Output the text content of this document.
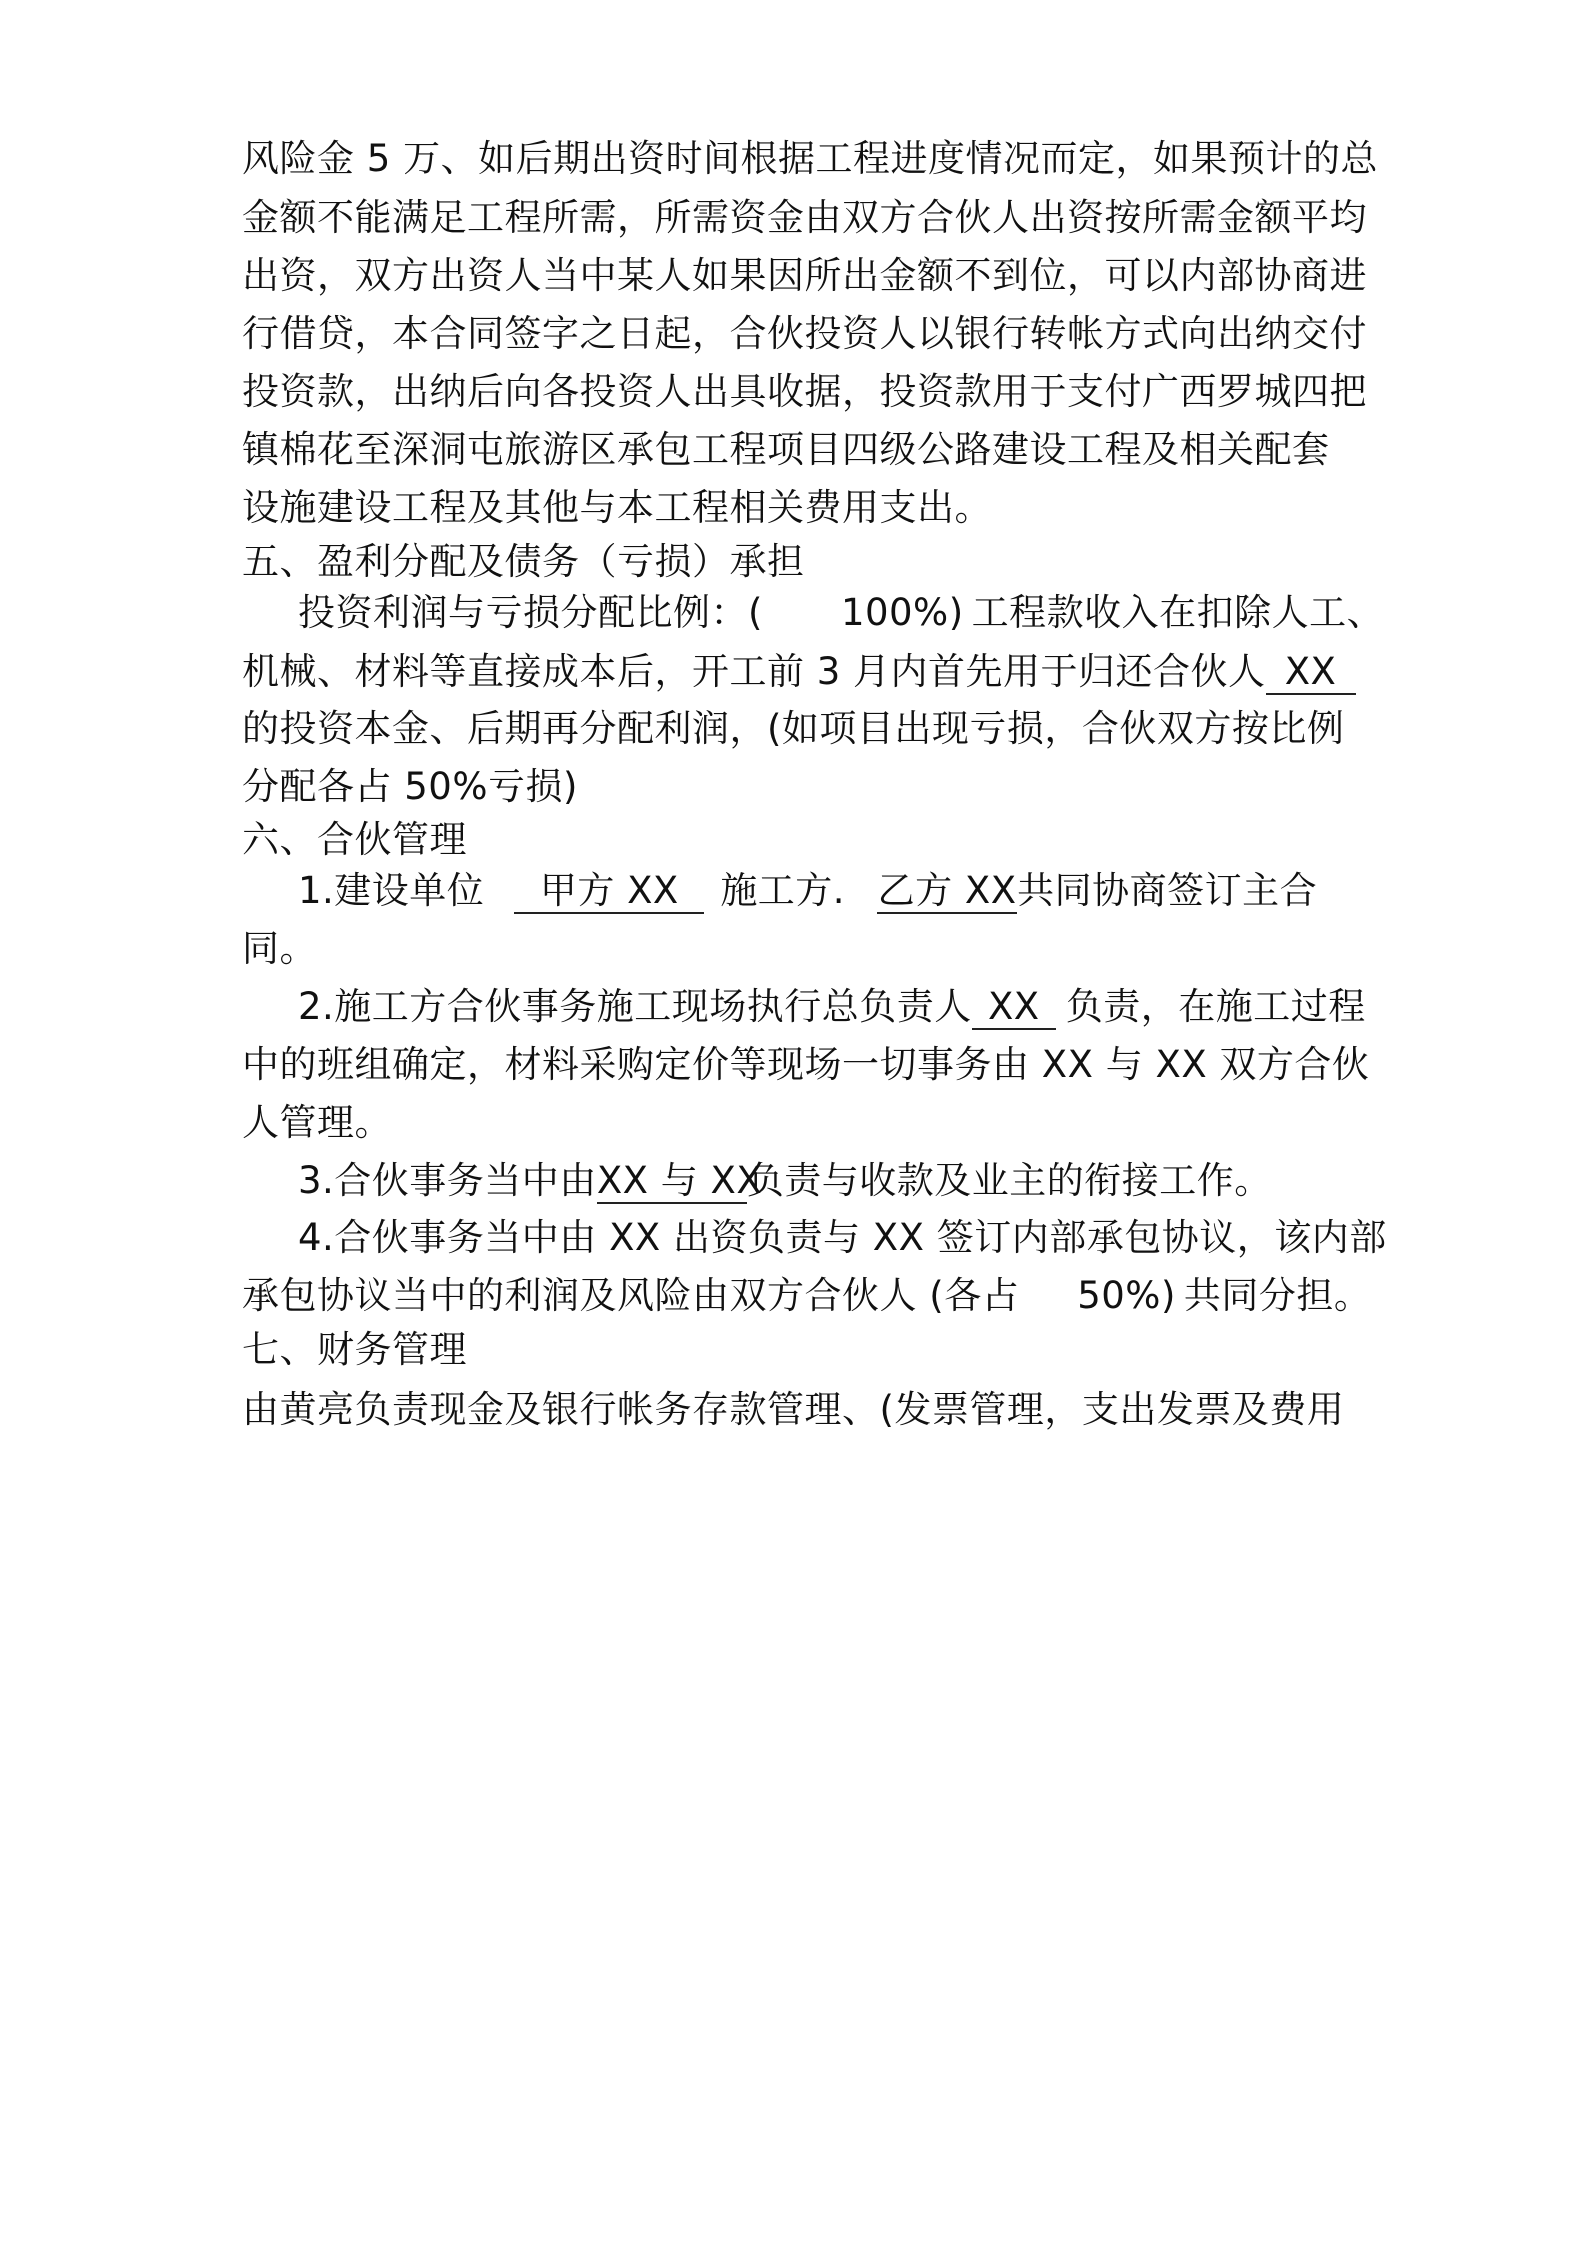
风险金 5 万、如后期出资时间根据工程进度情况而定，如果预计的总
金额不能满足工程所需，所需资金由双方合伙人出资按所需金额平均
出资，双方出资人当中某人如果因所出金额不到位，可以内部协商进
行借贷，本合同签字之日起，合伙投资人以银行转帐方式向出纳交付
投资款，出纳后向各投资人出具收据，投资款用于支付广西罗城四把
镇棉花至深洞屯旅游区承包工程项目四级公路建设工程及相关配套
设施建设工程及其他与本工程相关费用支出。
五、盈利分配及债务（亏损）承担
投资利润与亏损分配比例：( 100%) 工程款收入在扣除人工、
机械、材料等直接成本后，开工前 3 月内首先用于归还合伙人 XX
的投资本金、后期再分配利润，(如项目出现亏损，合伙双方按比例
分配各占 50%亏损)
六、合伙管理
1.建设单位 甲方 XX 施工方. 乙方 XX共同协商签订主合
同。
2.施工方合伙事务施工现场执行总负责人 XX 负责，在施工过程
中的班组确定，材料采购定价等现场一切事务由 XX 与 XX 双方合伙
人管理。
3.合伙事务当中由XX 与 XX负责与收款及业主的衔接工作。
4.合伙事务当中由 XX 出资负责与 XX 签订内部承包协议，该内部
承包协议当中的利润及风险由双方合伙人 (各占 50%) 共同分担。
七、财务管理
由黄亮负责现金及银行帐务存款管理、(发票管理，支出发票及费用
